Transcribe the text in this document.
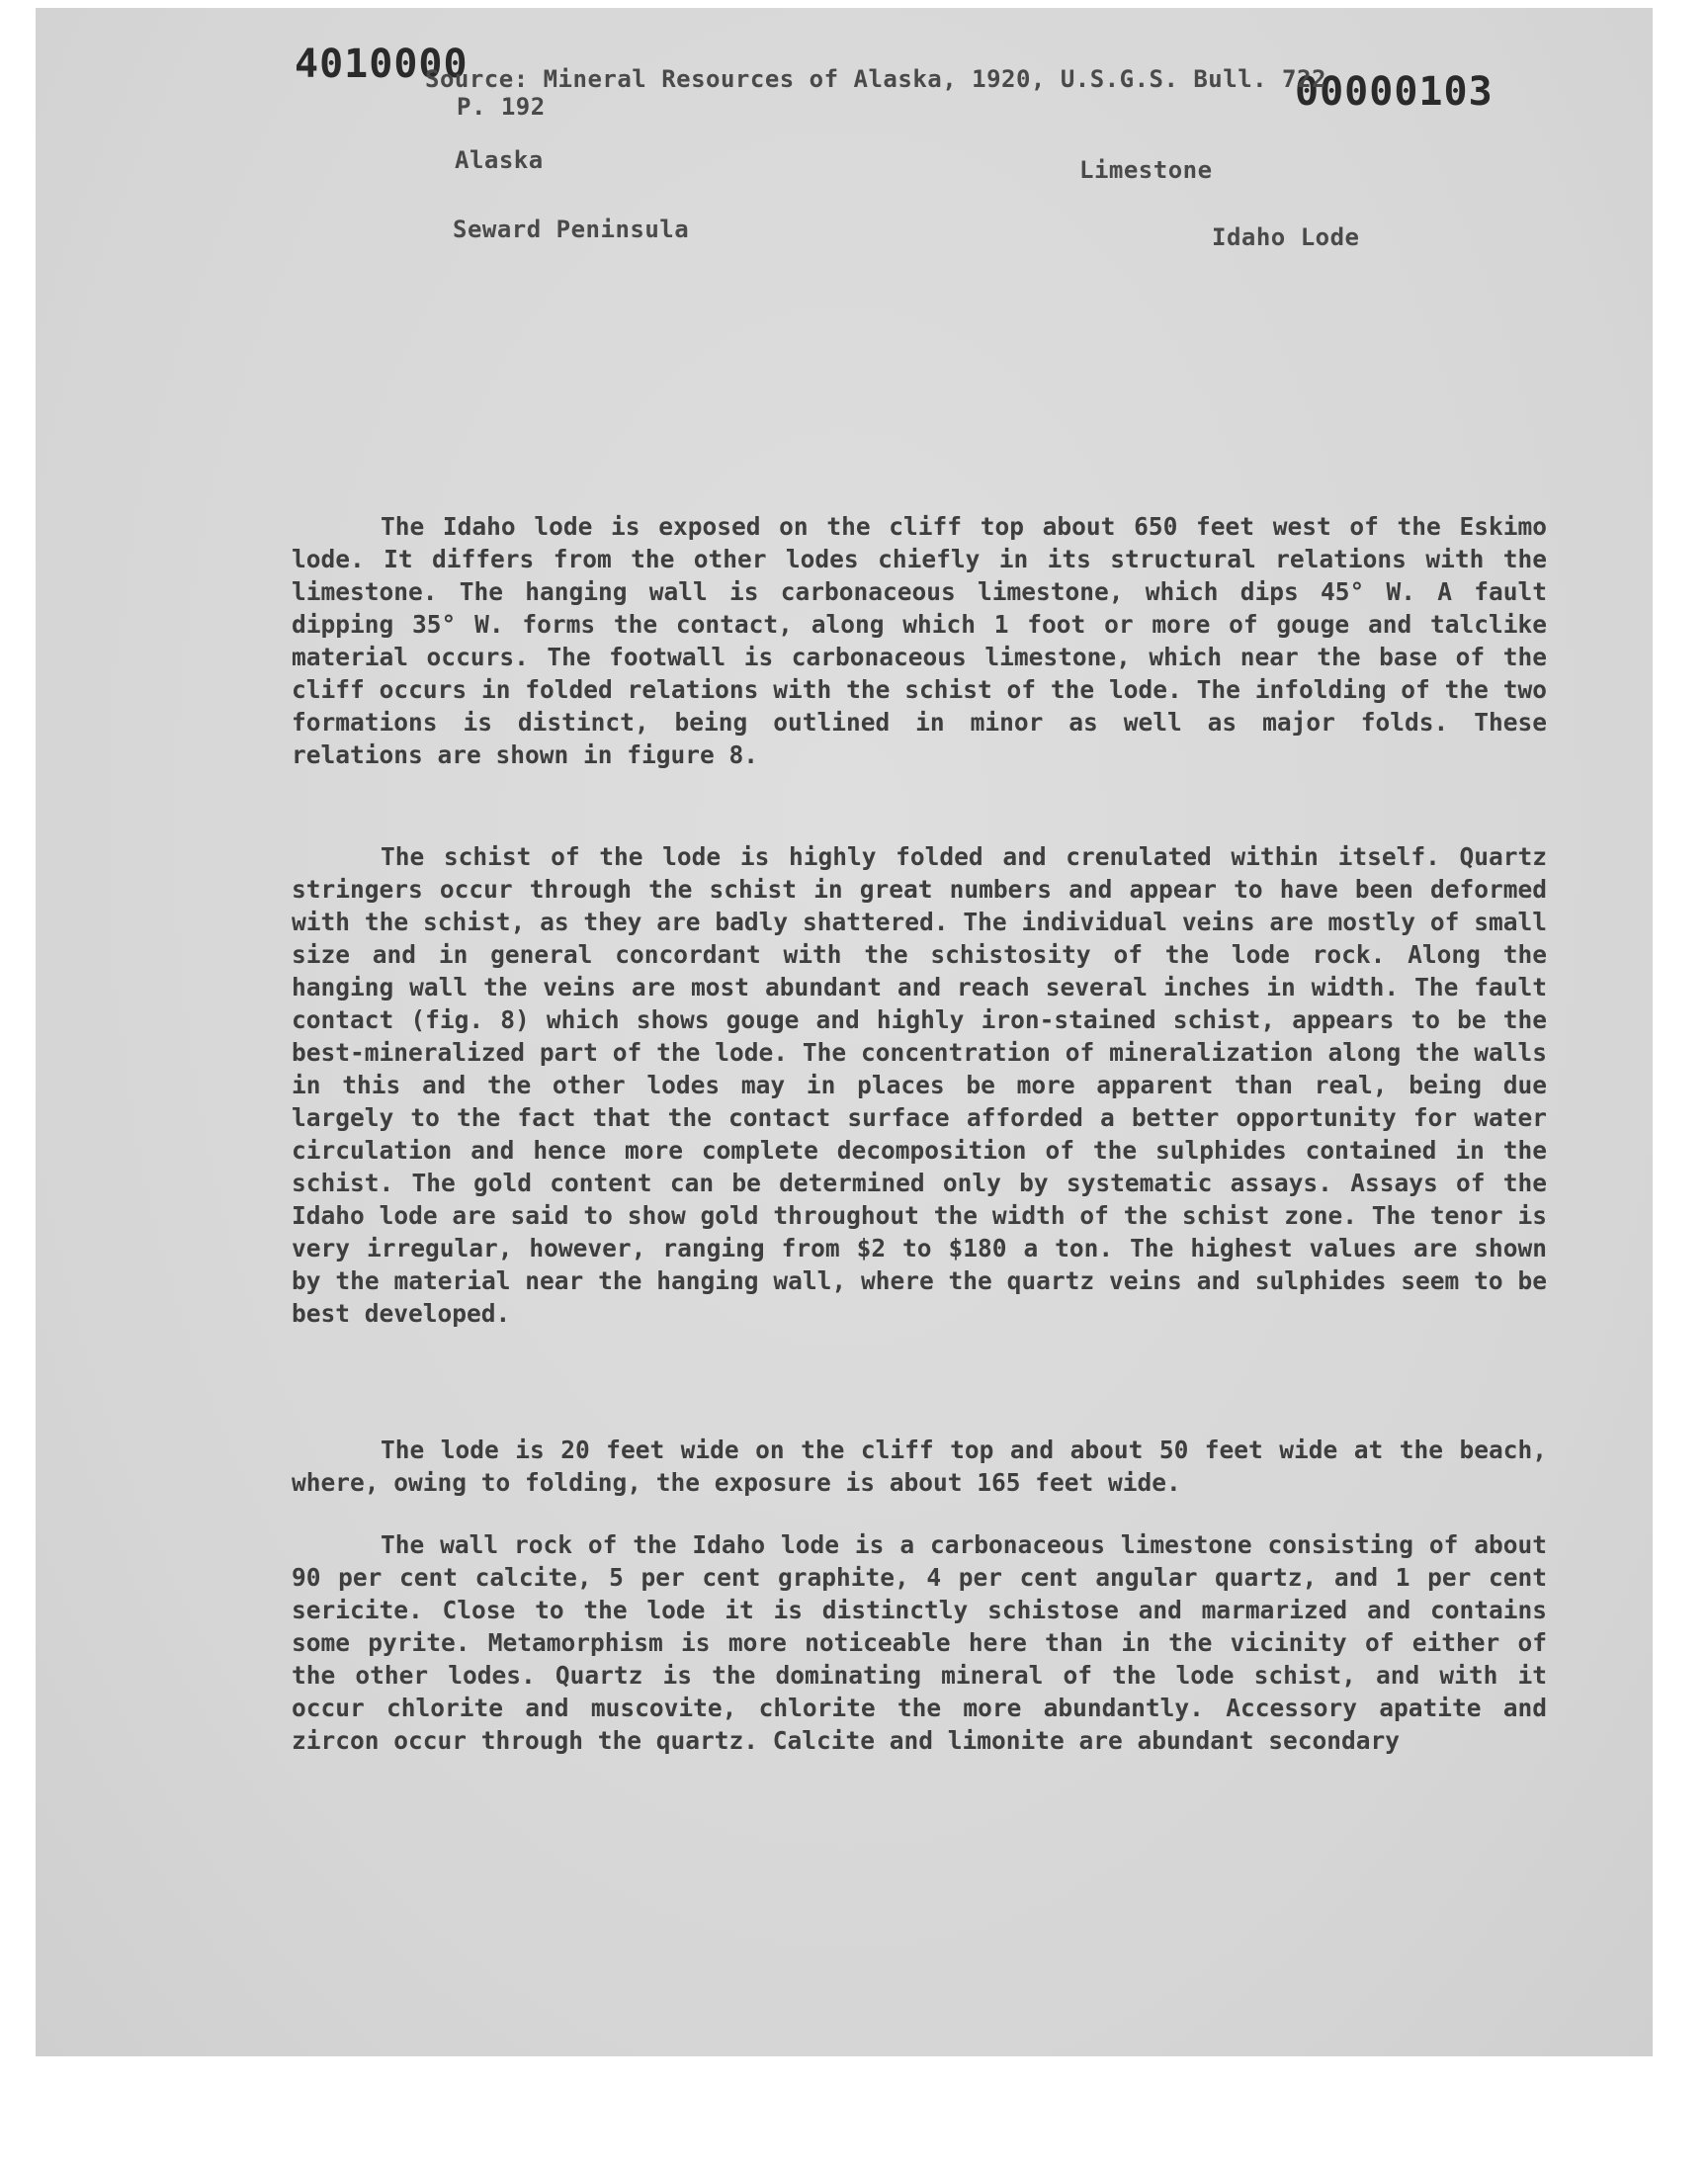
4010000
00000103
Source: Mineral Resources of Alaska, 1920, U.S.G.S. Bull. 722
P. 192
Alaska	Limestone
Seward Peninsula	Idaho Lode

The Idaho lode is exposed on the cliff top about 650 feet west of the Eskimo lode. It differs from the other lodes chiefly in its structural relations with the limestone. The hanging wall is carbonaceous limestone, which dips 45° W. A fault dipping 35° W. forms the contact, along which 1 foot or more of gouge and talclike material occurs. The footwall is carbonaceous limestone, which near the base of the cliff occurs in folded relations with the schist of the lode. The infolding of the two formations is distinct, being outlined in minor as well as major folds. These relations are shown in figure 8.

The schist of the lode is highly folded and crenulated within itself. Quartz stringers occur through the schist in great numbers and appear to have been deformed with the schist, as they are badly shattered. The individual veins are mostly of small size and in general concordant with the schistosity of the lode rock. Along the hanging wall the veins are most abundant and reach several inches in width. The fault contact (fig. 8) which shows gouge and highly iron-stained schist, appears to be the best-mineralized part of the lode. The concentration of mineralization along the walls in this and the other lodes may in places be more apparent than real, being due largely to the fact that the contact surface afforded a better opportunity for water circulation and hence more complete decomposition of the sulphides contained in the schist. The gold content can be determined only by systematic assays. Assays of the Idaho lode are said to show gold throughout the width of the schist zone. The tenor is very irregular, however, ranging from $2 to $180 a ton. The highest values are shown by the material near the hanging wall, where the quartz veins and sulphides seem to be best developed.

The lode is 20 feet wide on the cliff top and about 50 feet wide at the beach, where, owing to folding, the exposure is about 165 feet wide.

The wall rock of the Idaho lode is a carbonaceous limestone consisting of about 90 per cent calcite, 5 per cent graphite, 4 per cent angular quartz, and 1 per cent sericite. Close to the lode it is distinctly schistose and marmarized and contains some pyrite. Metamorphism is more noticeable here than in the vicinity of either of the other lodes. Quartz is the dominating mineral of the lode schist, and with it occur chlorite and muscovite, chlorite the more abundantly. Accessory apatite and zircon occur through the quartz. Calcite and limonite are abundant secondary
